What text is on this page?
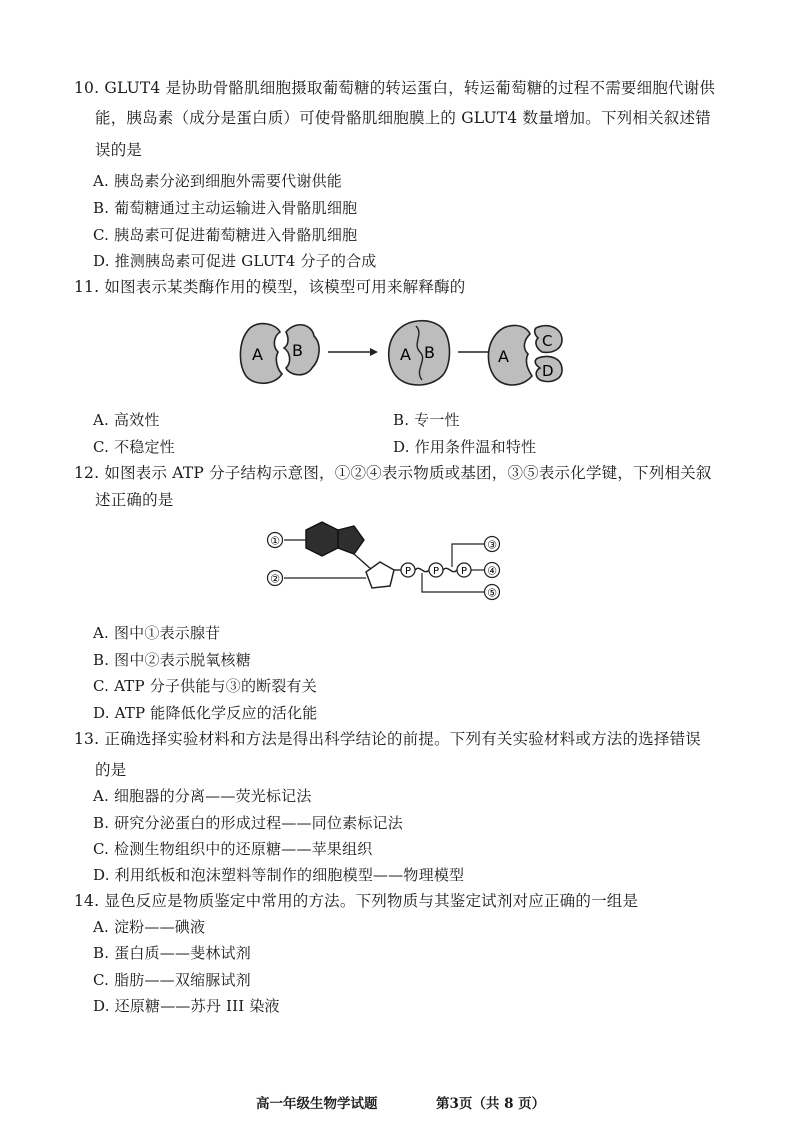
10. GLUT4 是协助骨骼肌细胞摄取葡萄糖的转运蛋白，转运葡萄糖的过程不需要细胞代谢供
能，胰岛素（成分是蛋白质）可使骨骼肌细胞膜上的 GLUT4 数量增加。下列相关叙述错
误的是
A. 胰岛素分泌到细胞外需要代谢供能
B. 葡萄糖通过主动运输进入骨骼肌细胞
C. 胰岛素可促进葡萄糖进入骨骼肌细胞
D. 推测胰岛素可促进 GLUT4 分子的合成
11. 如图表示某类酶作用的模型，该模型可用来解释酶的
A B	A B	A
C
D
A. 高效性	B. 专一性
C. 不稳定性	D. 作用条件温和特性
12. 如图表示 ATP 分子结构示意图，①②④表示物质或基团，③⑤表示化学键，下列相关叙
述正确的是
①
②
P P P
③
④
⑤
A. 图中①表示腺苷
B. 图中②表示脱氧核糖
C. ATP 分子供能与③的断裂有关
D. ATP 能降低化学反应的活化能
13. 正确选择实验材料和方法是得出科学结论的前提。下列有关实验材料或方法的选择错误
的是
A. 细胞器的分离——荧光标记法
B. 研究分泌蛋白的形成过程——同位素标记法
C. 检测生物组织中的还原糖——苹果组织
D. 利用纸板和泡沫塑料等制作的细胞模型——物理模型
14. 显色反应是物质鉴定中常用的方法。下列物质与其鉴定试剂对应正确的一组是
A. 淀粉——碘液
B. 蛋白质——斐林试剂
C. 脂肪——双缩脲试剂
D. 还原糖——苏丹 III 染液
高一年级生物学试题	第3页（共 8 页）
